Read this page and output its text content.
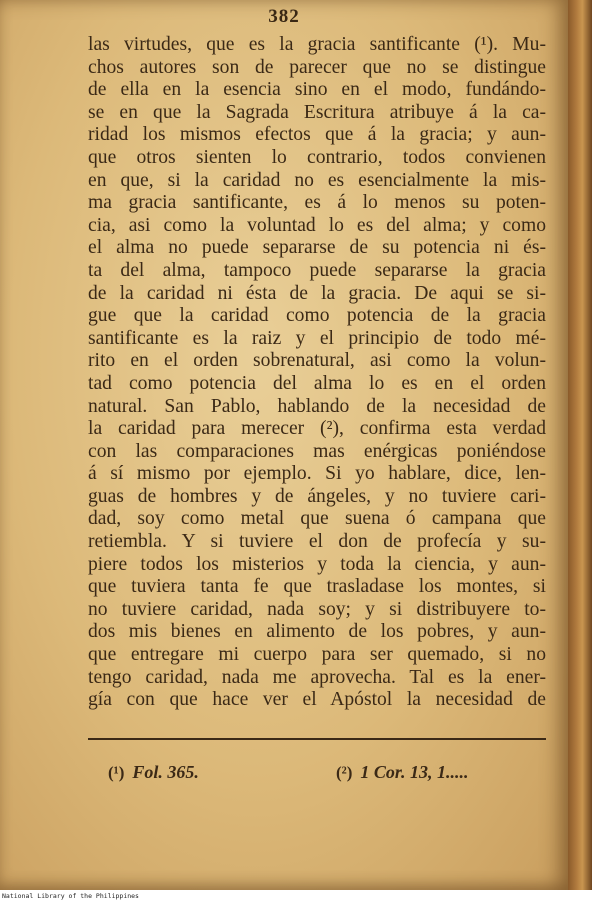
382
las virtudes, que es la gracia santificante (¹). Mu-
chos autores son de parecer que no se distingue
de ella en la esencia sino en el modo, fundándo-
se en que la Sagrada Escritura atribuye á la ca-
ridad los mismos efectos que á la gracia; y aun-
que otros sienten lo contrario, todos convienen
en que, si la caridad no es esencialmente la mis-
ma gracia santificante, es á lo menos su poten-
cia, asi como la voluntad lo es del alma; y como
el alma no puede separarse de su potencia ni és-
ta del alma, tampoco puede separarse la gracia
de la caridad ni ésta de la gracia. De aqui se si-
gue que la caridad como potencia de la gracia
santificante es la raiz y el principio de todo mé-
rito en el orden sobrenatural, asi como la volun-
tad como potencia del alma lo es en el orden
natural. San Pablo, hablando de la necesidad de
la caridad para merecer (²), confirma esta verdad
con las comparaciones mas enérgicas poniéndose
á sí mismo por ejemplo. Si yo hablare, dice, len-
guas de hombres y de ángeles, y no tuviere cari-
dad, soy como metal que suena ó campana que
retiembla. Y si tuviere el don de profecía y su-
piere todos los misterios y toda la ciencia, y aun-
que tuviera tanta fe que trasladase los montes, si
no tuviere caridad, nada soy; y si distribuyere to-
dos mis bienes en alimento de los pobres, y aun-
que entregare mi cuerpo para ser quemado, si no
tengo caridad, nada me aprovecha. Tal es la ener-
gía con que hace ver el Apóstol la necesidad de
(¹) Fol. 365.	(²) 1 Cor. 13, 1.....
National Library of the Philippines
